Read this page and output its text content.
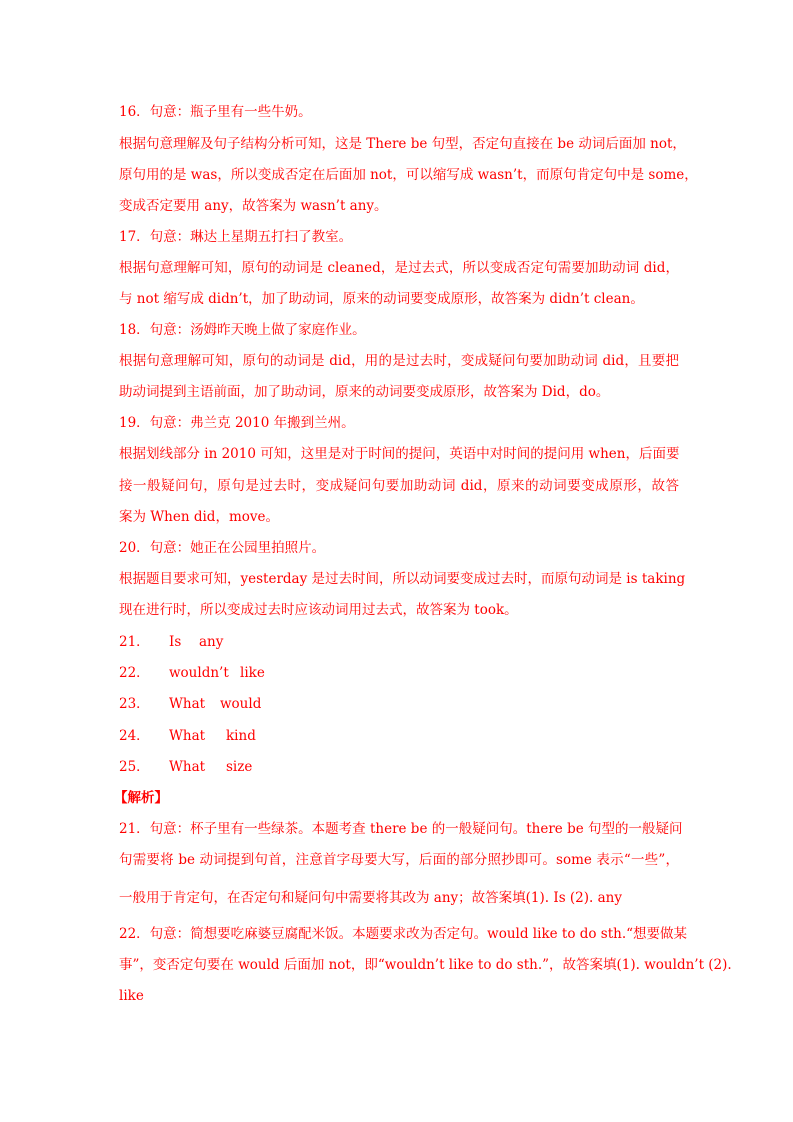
16．句意：瓶子里有一些牛奶。
根据句意理解及句子结构分析可知，这是 There be 句型，否定句直接在 be 动词后面加 not，
原句用的是 was，所以变成否定在后面加 not，可以缩写成 wasn’t，而原句肯定句中是 some，
变成否定要用 any，故答案为 wasn’t any。
17．句意：琳达上星期五打扫了教室。
根据句意理解可知，原句的动词是 cleaned，是过去式，所以变成否定句需要加助动词 did，
与 not 缩写成 didn’t，加了助动词，原来的动词要变成原形，故答案为 didn’t clean。
18．句意：汤姆昨天晚上做了家庭作业。
根据句意理解可知，原句的动词是 did，用的是过去时，变成疑问句要加助动词 did，且要把
助动词提到主语前面，加了助动词，原来的动词要变成原形，故答案为 Did，do。
19．句意：弗兰克 2010 年搬到兰州。
根据划线部分 in 2010 可知，这里是对于时间的提问，英语中对时间的提问用 when，后面要
接一般疑问句，原句是过去时，变成疑问句要加助动词 did，原来的动词要变成原形，故答
案为 When did，move。
20．句意：她正在公园里拍照片。
根据题目要求可知，yesterday 是过去时间，所以动词要变成过去时，而原句动词是 is taking
现在进行时，所以变成过去时应该动词用过去式，故答案为 took。
21． Is any
22． wouldn’t like
23． What would
24． What kind
25． What size
【解析】
21．句意：杯子里有一些绿茶。本题考查 there be 的一般疑问句。there be 句型的一般疑问
句需要将 be 动词提到句首，注意首字母要大写，后面的部分照抄即可。some 表示“一些”，
一般用于肯定句，在否定句和疑问句中需要将其改为 any；故答案填(1). Is (2). any
22．句意：简想要吃麻婆豆腐配米饭。本题要求改为否定句。would like to do sth.“想要做某
事”，变否定句要在 would 后面加 not，即“wouldn’t like to do sth.”，故答案填(1). wouldn’t (2).
like
